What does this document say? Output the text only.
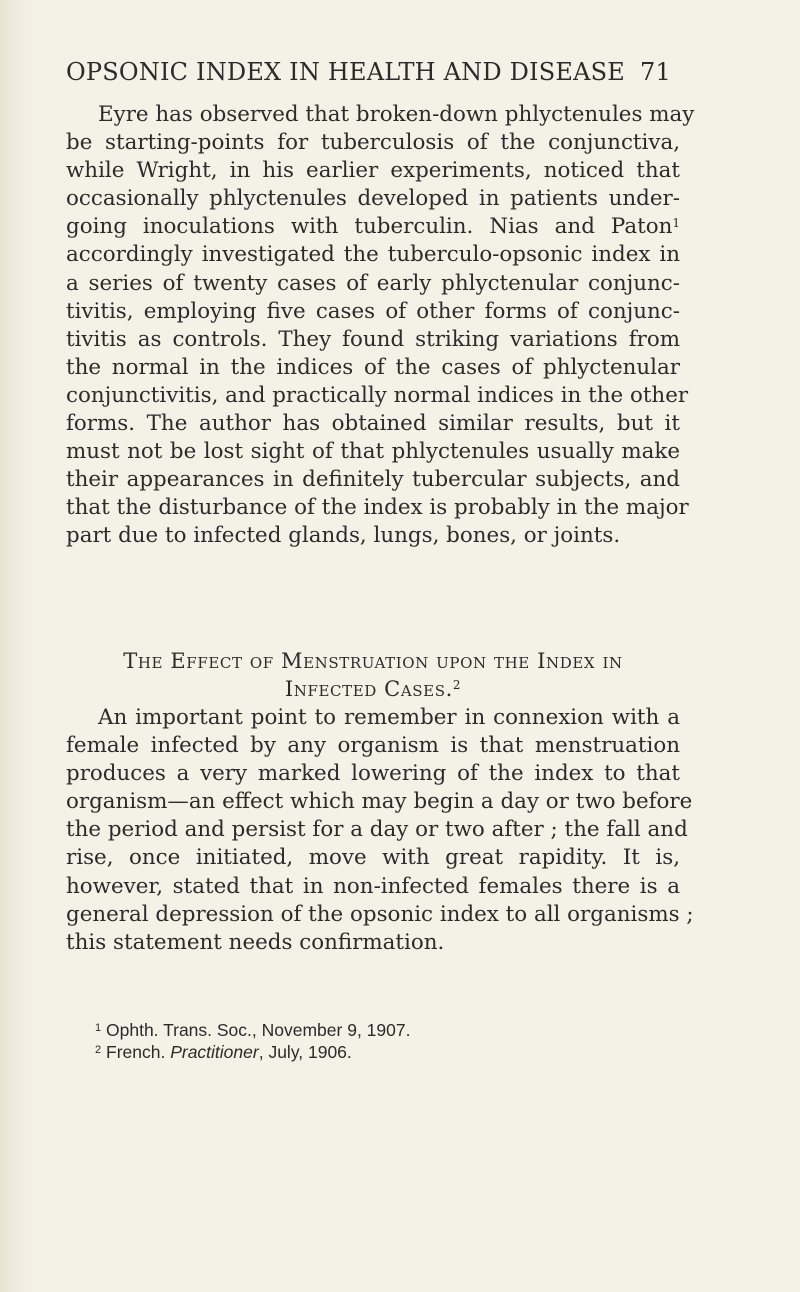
OPSONIC INDEX IN HEALTH AND DISEASE 71
Eyre has observed that broken-down phlyctenules may
be starting-points for tuberculosis of the conjunctiva,
while Wright, in his earlier experiments, noticed that
occasionally phlyctenules developed in patients under-
going inoculations with tuberculin. Nias and Paton$^1$
accordingly investigated the tuberculo-opsonic index in
a series of twenty cases of early phlyctenular conjunc-
tivitis, employing five cases of other forms of conjunc-
tivitis as controls. They found striking variations from
the normal in the indices of the cases of phlyctenular
conjunctivitis, and practically normal indices in the other
forms. The author has obtained similar results, but it
must not be lost sight of that phlyctenules usually make
their appearances in definitely tubercular subjects, and
that the disturbance of the index is probably in the major
part due to infected glands, lungs, bones, or joints.
The Effect of Menstruation upon the Index in
Infected Cases.$^2$
An important point to remember in connexion with a
female infected by any organism is that menstruation
produces a very marked lowering of the index to that
organism—an effect which may begin a day or two before
the period and persist for a day or two after ; the fall and
rise, once initiated, move with great rapidity. It is,
however, stated that in non-infected females there is a
general depression of the opsonic index to all organisms ;
this statement needs confirmation.
$^1$ Ophth. Trans. Soc., November 9, 1907.
$^2$ French. Practitioner, July, 1906.
